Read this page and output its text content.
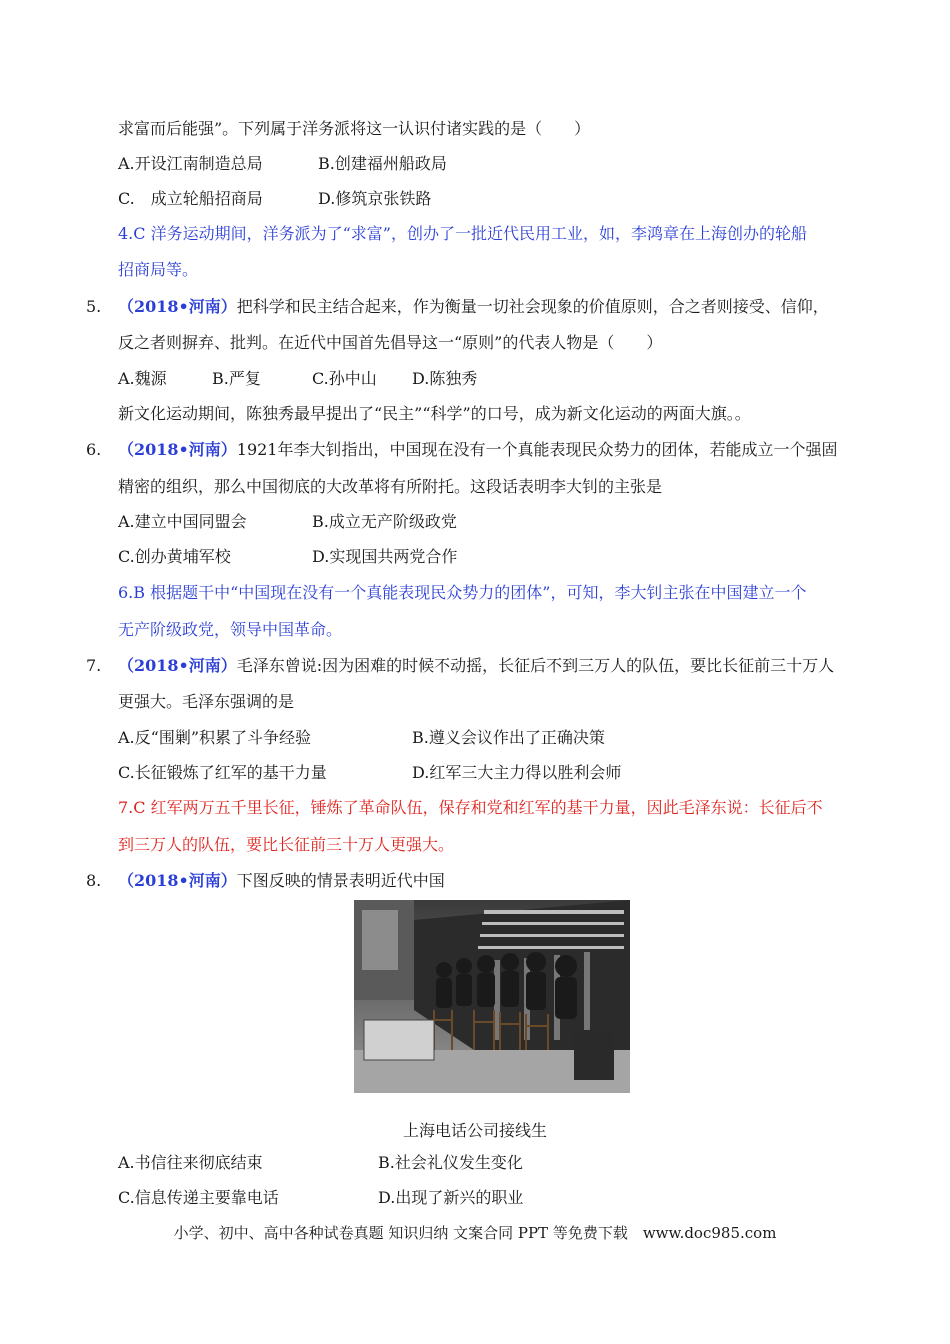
求富而后能强”。下列属于洋务派将这一认识付诸实践的是（　　）
A.开设江南制造总局	B.创建福州船政局
C.　成立轮船招商局	D.修筑京张铁路
4.C 洋务运动期间，洋务派为了“求富”，创办了一批近代民用工业，如，李鸿章在上海创办的轮船
招商局等。
5. （2018•河南）把科学和民主结合起来，作为衡量一切社会现象的价值原则，合之者则接受、信仰，
反之者则摒弃、批判。在近代中国首先倡导这一“原则”的代表人物是（　　）
A.魏源	B.严复	C.孙中山 D.陈独秀
新文化运动期间，陈独秀最早提出了“民主”“科学”的口号，成为新文化运动的两面大旗。。
6. （2018•河南）1921年李大钊指出，中国现在没有一个真能表现民众势力的团体，若能成立一个强固
精密的组织，那么中国彻底的大改革将有所附托。这段话表明李大钊的主张是
A.建立中国同盟会	B.成立无产阶级政党
C.创办黄埔军校	D.实现国共两党合作
6.B 根据题干中“中国现在没有一个真能表现民众势力的团体”，可知，李大钊主张在中国建立一个
无产阶级政党，领导中国革命。
7. （2018•河南）毛泽东曾说:因为困难的时候不动摇，长征后不到三万人的队伍，要比长征前三十万人
更强大。毛泽东强调的是
A.反“围剿”积累了斗争经验	B.遵义会议作出了正确决策
C.长征锻炼了红军的基干力量	D.红军三大主力得以胜利会师
7.C 红军两万五千里长征，锤炼了革命队伍，保存和党和红军的基干力量，因此毛泽东说：长征后不
到三万人的队伍，要比长征前三十万人更强大。
8. （2018•河南）下图反映的情景表明近代中国
上海电话公司接线生
A.书信往来彻底结束	B.社会礼仪发生变化
C.信息传递主要靠电话	D.出现了新兴的职业
小学、初中、高中各种试卷真题 知识归纳 文案合同 PPT 等免费下载　www.doc985.com
